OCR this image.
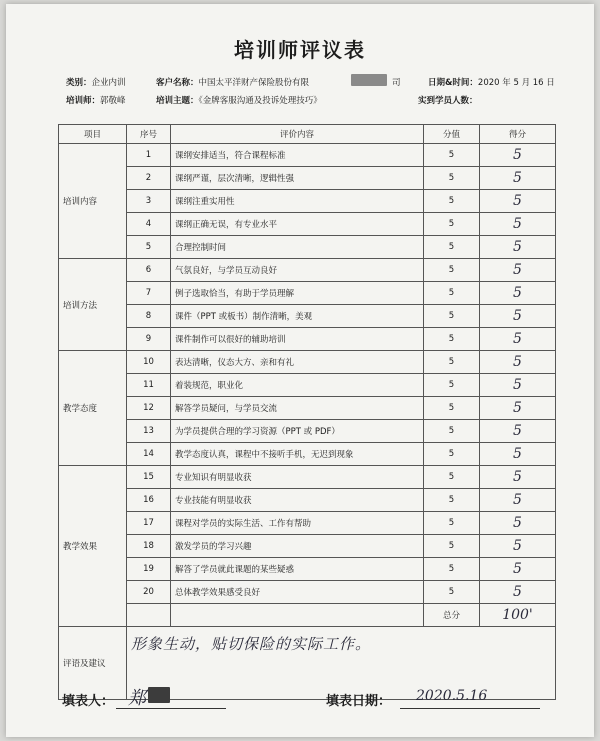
培训师评议表
类别：企业内训	客户名称：中国太平洋财产保险股份有限	司	日期&时间：2020 年 5 月 16 日
培训师：郭敬峰	培训主题：《金牌客服沟通及投诉处理技巧》	实到学员人数：
项目	序号	评价内容	分值	得分
培训内容	1	课纲安排适当，符合课程标准	5	5
	2	课纲严谨，层次清晰，逻辑性强	5	5
	3	课纲注重实用性	5	5
	4	课纲正确无误，有专业水平	5	5
	5	合理控制时间	5	5
培训方法	6	气氛良好，与学员互动良好	5	5
	7	例子选取恰当，有助于学员理解	5	5
	8	课件（PPT 或板书）制作清晰，美观	5	5
	9	课件制作可以很好的辅助培训	5	5
教学态度	10	表达清晰，仪态大方、亲和有礼	5	5
	11	着装规范，职业化	5	5
	12	解答学员疑问，与学员交流	5	5
	13	为学员提供合理的学习资源（PPT 或 PDF）	5	5
	14	教学态度认真，课程中不接听手机，无迟到现象	5	5
教学效果	15	专业知识有明显收获	5	5
	16	专业技能有明显收获	5	5
	17	课程对学员的实际生活、工作有帮助	5	5
	18	激发学员的学习兴趣	5	5
	19	解答了学员就此课题的某些疑惑	5	5
	20	总体教学效果感受良好	5	5
			总分	100'
评语及建议	形象生动，贴切保险的实际工作。			
填表人： 郑	填表日期： 2020.5.16
